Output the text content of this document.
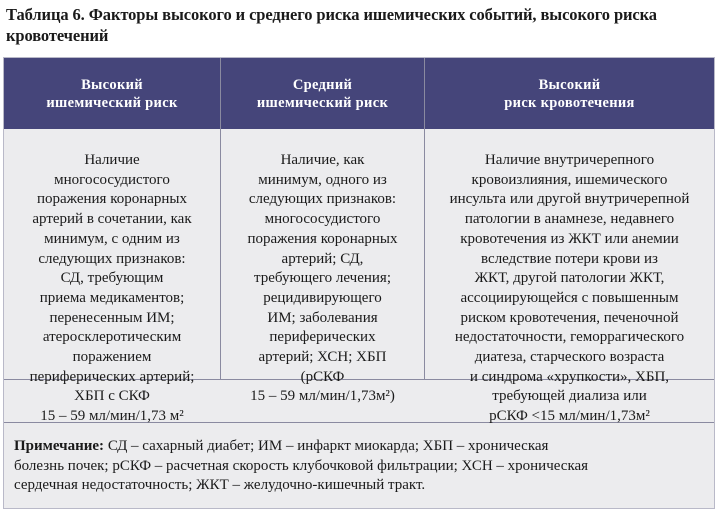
Таблица 6. Факторы высокого и среднего риска ишемических событий, высокого риска
кровотечений
Высокий
ишемический риск
Средний
ишемический риск
Высокий
риск кровотечения
Наличие
многососудистого
поражения коронарных
артерий в сочетании, как
минимум, с одним из
следующих признаков:
СД, требующим
приема медикаментов;
перенесенным ИМ;
атеросклеротическим
поражением
периферических артерий;
ХБП с СКФ
15 – 59 мл/мин/1,73 м²
Наличие, как
минимум, одного из
следующих признаков:
многососудистого
поражения коронарных
артерий; СД,
требующего лечения;
рецидивирующего
ИМ; заболевания
периферических
артерий; ХСН; ХБП
(рСКФ
15 – 59 мл/мин/1,73м²)
Наличие внутричерепного
кровоизлияния, ишемического
инсульта или другой внутричерепной
патологии в анамнезе, недавнего
кровотечения из ЖКТ или анемии
вследствие потери крови из
ЖКТ, другой патологии ЖКТ,
ассоциирующейся с повышенным
риском кровотечения, печеночной
недостаточности, геморрагического
диатеза, старческого возраста
и синдрома «хрупкости», ХБП,
требующей диализа или
рСКФ <15 мл/мин/1,73м²
Примечание: СД – сахарный диабет; ИМ – инфаркт миокарда; ХБП – хроническая
болезнь почек; рСКФ – расчетная скорость клубочковой фильтрации; ХСН – хроническая
сердечная недостаточность; ЖКТ – желудочно-кишечный тракт.
